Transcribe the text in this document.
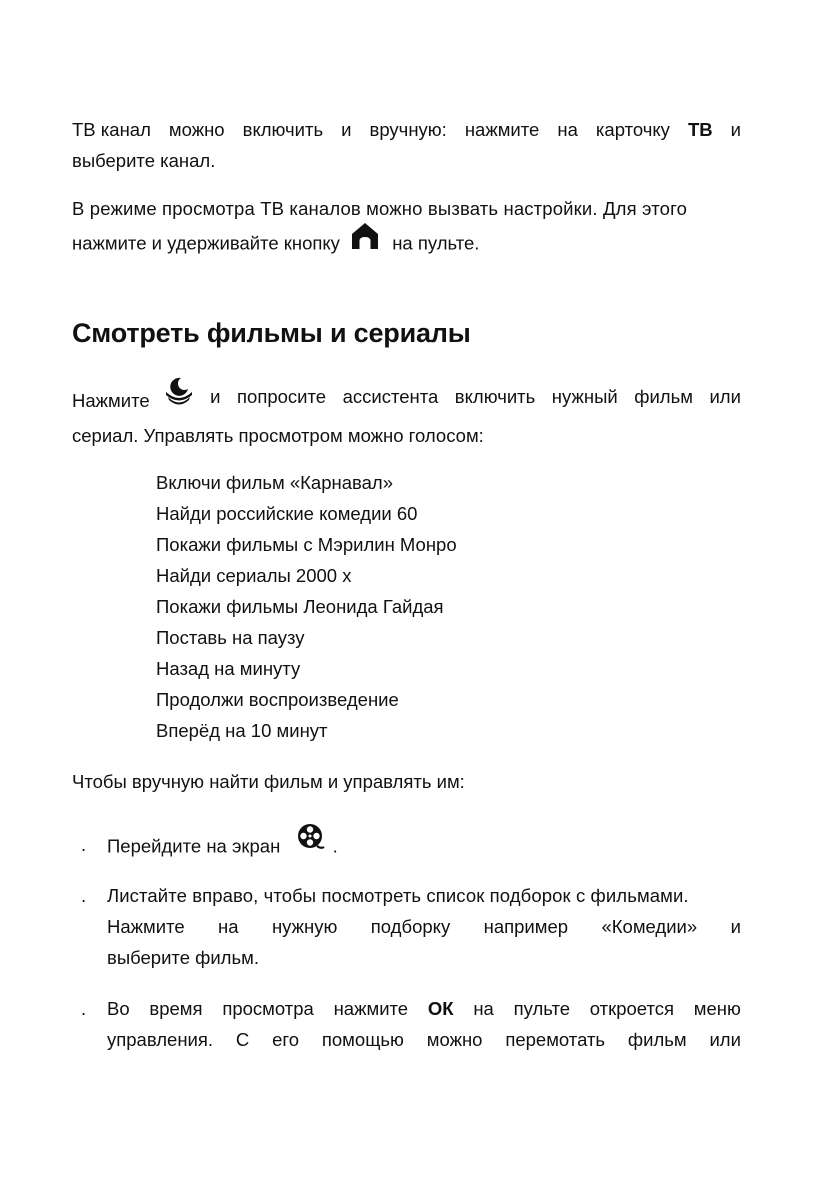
ТВ канал можно включить и вручную: нажмите на карточку ТВ и
выберите канал.
В режиме просмотра ТВ каналов можно вызвать настройки. Для этого
нажмите и удерживайте кнопку	на пульте.
Смотреть фильмы и сериалы
Нажмите	и попросите ассистента включить нужный фильм или
сериал. Управлять просмотром можно голосом:
Включи фильм «Карнавал»
Найди российские комедии 60
Покажи фильмы с Мэрилин Монро
Найди сериалы 2000 х
Покажи фильмы Леонида Гайдая
Поставь на паузу
Назад на минуту
Продолжи воспроизведение
Вперёд на 10 минут
Чтобы вручную найти фильм и управлять им:
. Перейдите на экран	.
. Листайте вправо, чтобы посмотреть список подборок с фильмами.
Нажмите на нужную подборку например «Комедии» и
выберите фильм.
. Во время просмотра нажмите ОК на пульте откроется меню
управления. С его помощью можно перемотать фильм или
